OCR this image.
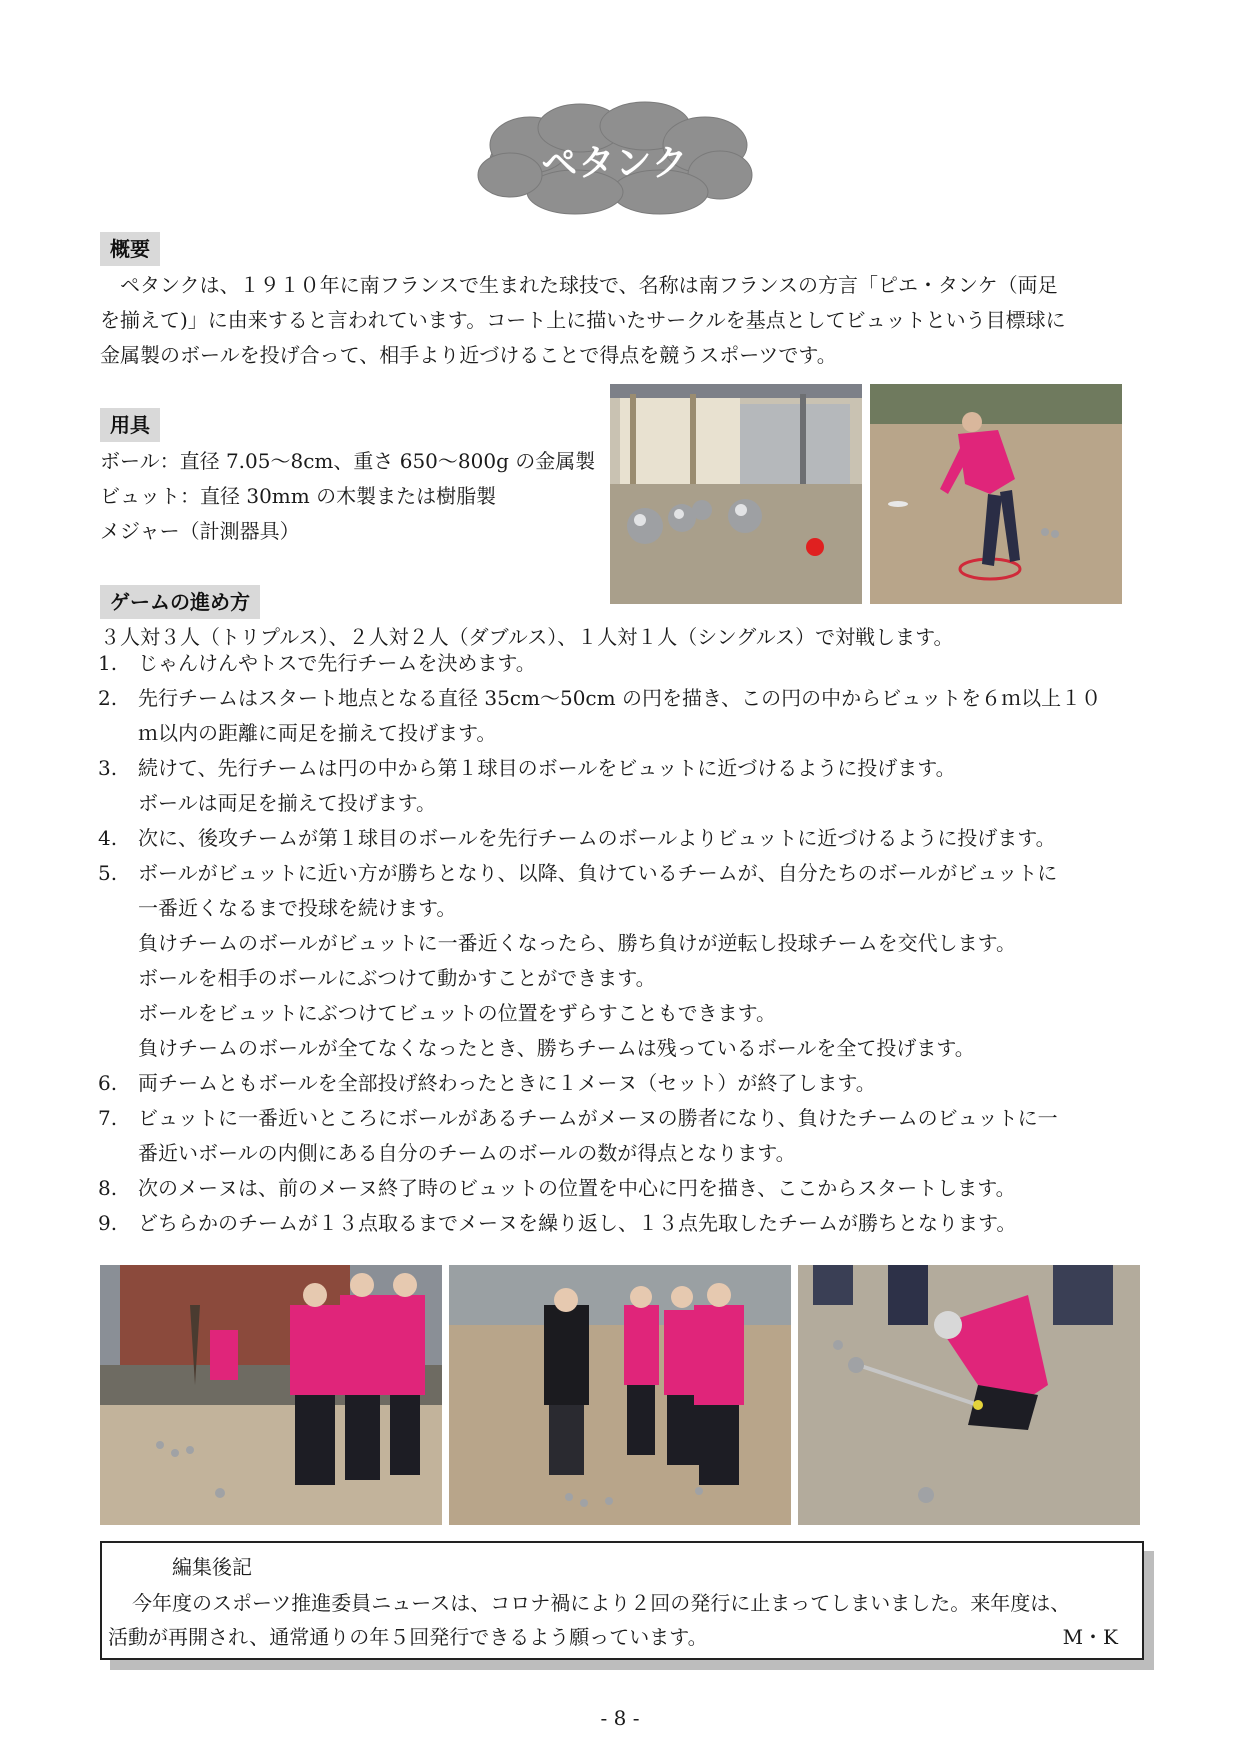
ペタンク
概要
　ペタンクは、１９１０年に南フランスで生まれた球技で、名称は南フランスの方言「ピエ・タンケ（両足
を揃えて)」に由来すると言われています。コート上に描いたサークルを基点としてビュットという目標球に
金属製のボールを投げ合って、相手より近づけることで得点を競うスポーツです。
用具
ボール：直径 7.05～8cm、重さ 650～800g の金属製
ビュット：直径 30mm の木製または樹脂製
メジャー（計測器具）
ゲームの進め方
３人対３人（トリプルス）、２人対２人（ダブルス）、１人対１人（シングルス）で対戦します。
1.	じゃんけんやトスで先行チームを決めます。
2.	先行チームはスタート地点となる直径 35cm～50cm の円を描き、この円の中からビュットを６ｍ以上１０
ｍ以内の距離に両足を揃えて投げます。
3.	続けて、先行チームは円の中から第１球目のボールをビュットに近づけるように投げます。
ボールは両足を揃えて投げます。
4.	次に、後攻チームが第１球目のボールを先行チームのボールよりビュットに近づけるように投げます。
5.	ボールがビュットに近い方が勝ちとなり、以降、負けているチームが、自分たちのボールがビュットに
一番近くなるまで投球を続けます。
負けチームのボールがビュットに一番近くなったら、勝ち負けが逆転し投球チームを交代します。
ボールを相手のボールにぶつけて動かすことができます。
ボールをビュットにぶつけてビュットの位置をずらすこともできます。
負けチームのボールが全てなくなったとき、勝ちチームは残っているボールを全て投げます。
6.	両チームともボールを全部投げ終わったときに１メーヌ（セット）が終了します。
7.	ビュットに一番近いところにボールがあるチームがメーヌの勝者になり、負けたチームのビュットに一
番近いボールの内側にある自分のチームのボールの数が得点となります。
8.	次のメーヌは、前のメーヌ終了時のビュットの位置を中心に円を描き、ここからスタートします。
9.	どちらかのチームが１３点取るまでメーヌを繰り返し、１３点先取したチームが勝ちとなります。
編集後記
今年度のスポーツ推進委員ニュースは、コロナ禍により２回の発行に止まってしまいました。来年度は、
活動が再開され、通常通りの年５回発行できるよう願っています。	M・K
- 8 -
